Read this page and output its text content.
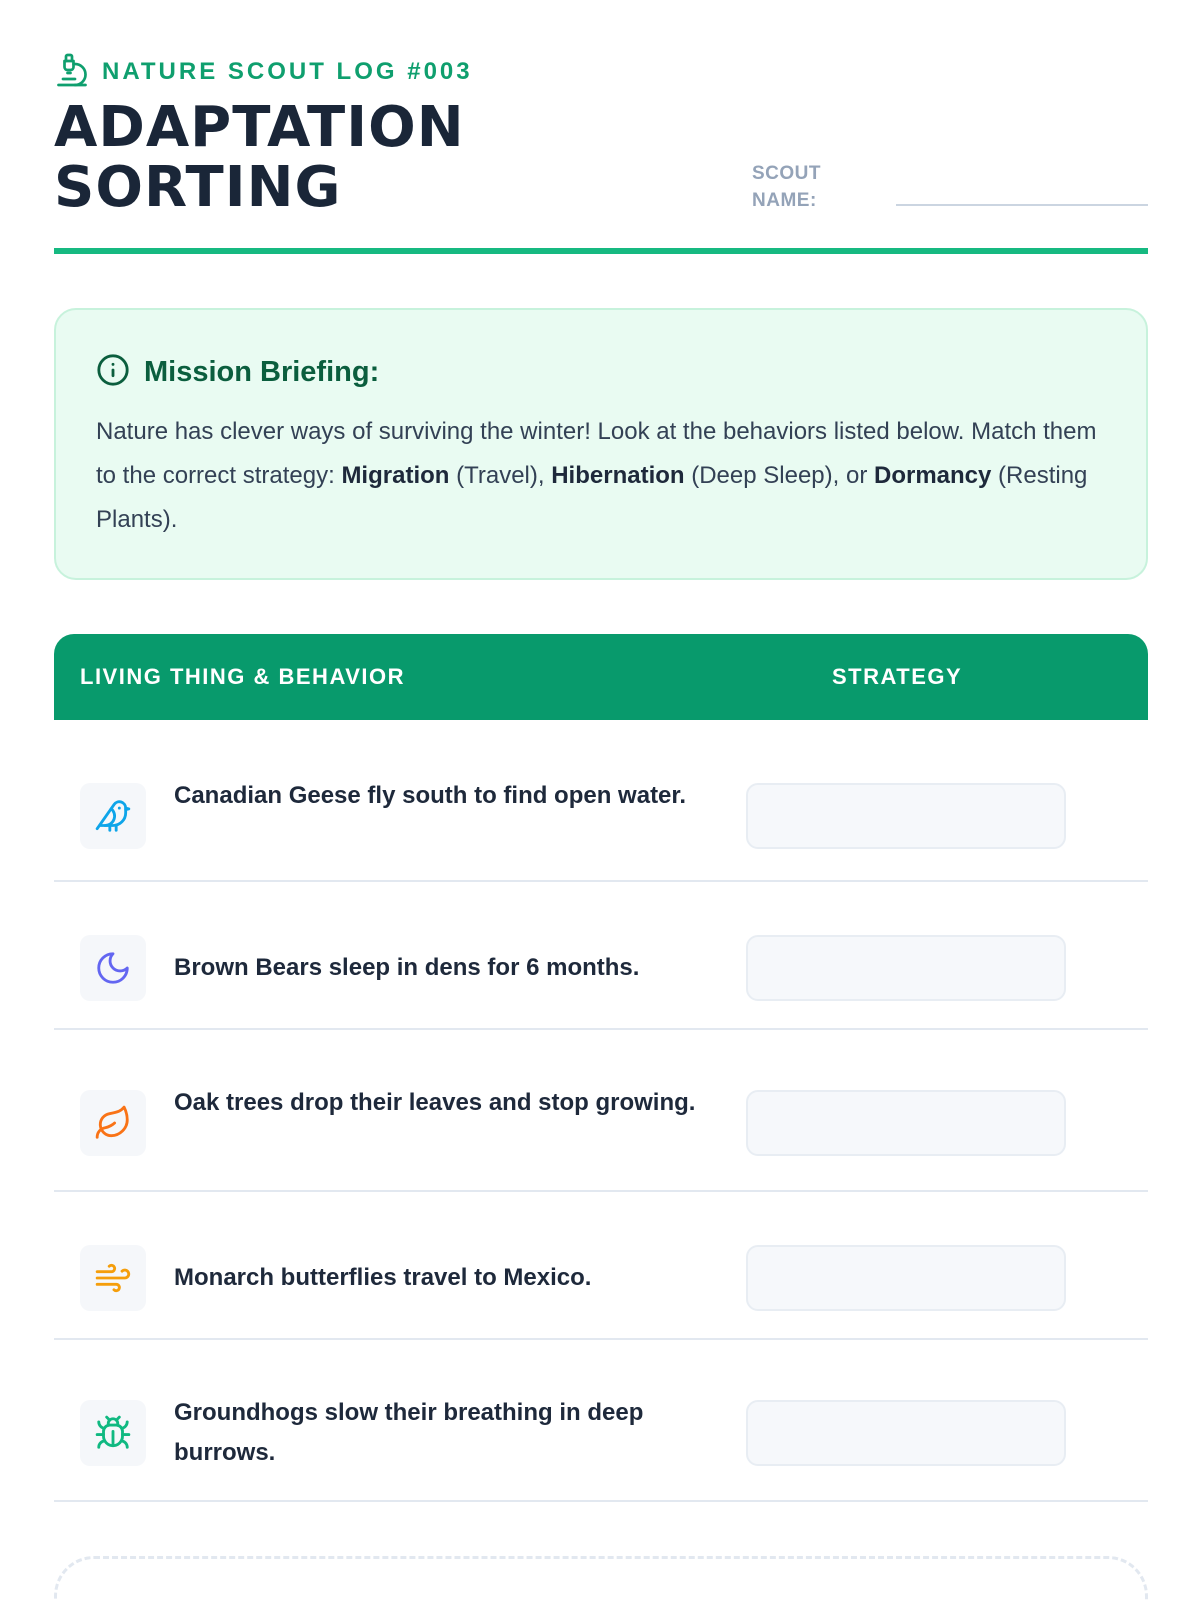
NATURE SCOUT LOG #003
ADAPTATION
SORTING	SCOUT
NAME:
Mission Briefing:

Nature has clever ways of surviving the winter! Look at the behaviors listed below. Match them to the correct strategy: Migration (Travel), Hibernation (Deep Sleep), or Dormancy (Resting Plants).

LIVING THING & BEHAVIOR	STRATEGY
Canadian Geese fly south to find open water.
Brown Bears sleep in dens for 6 months.
Oak trees drop their leaves and stop growing.
Monarch butterflies travel to Mexico.
Groundhogs slow their breathing in deep burrows.
